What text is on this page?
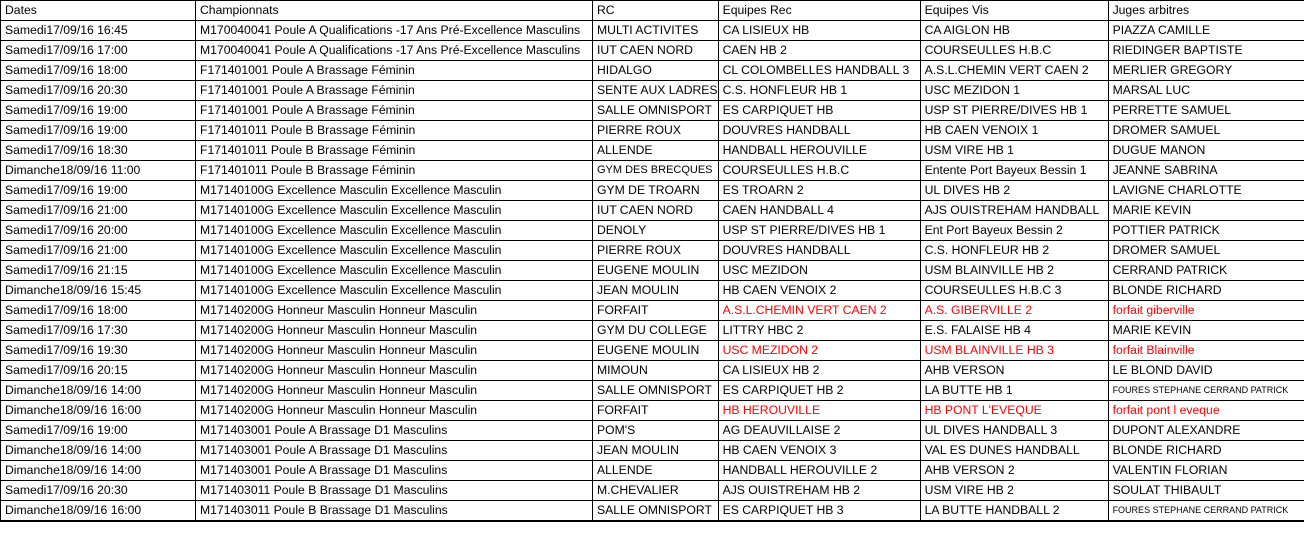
Dates	Championnats	RC	Equipes Rec	Equipes Vis	Juges arbitres
Samedi17/09/16 16:45	M170040041 Poule A Qualifications -17 Ans Pré-Excellence Masculins	MULTI ACTIVITES	CA LISIEUX HB	CA AIGLON HB	PIAZZA CAMILLE
Samedi17/09/16 17:00	M170040041 Poule A Qualifications -17 Ans Pré-Excellence Masculins	IUT CAEN NORD	CAEN HB 2	COURSEULLES H.B.C	RIEDINGER BAPTISTE
Samedi17/09/16 18:00	F171401001 Poule A Brassage Féminin	HIDALGO	CL COLOMBELLES HANDBALL 3	A.S.L.CHEMIN VERT CAEN 2	MERLIER GREGORY
Samedi17/09/16 20:30	F171401001 Poule A Brassage Féminin	SENTE AUX LADRES	C.S. HONFLEUR HB 1	USC MEZIDON 1	MARSAL LUC
Samedi17/09/16 19:00	F171401001 Poule A Brassage Féminin	SALLE OMNISPORT	ES CARPIQUET HB	USP ST PIERRE/DIVES HB 1	PERRETTE SAMUEL
Samedi17/09/16 19:00	F171401011 Poule B Brassage Féminin	PIERRE ROUX	DOUVRES HANDBALL	HB CAEN VENOIX 1	DROMER SAMUEL
Samedi17/09/16 18:30	F171401011 Poule B Brassage Féminin	ALLENDE	HANDBALL HEROUVILLE	USM VIRE HB 1	DUGUE MANON
Dimanche18/09/16 11:00	F171401011 Poule B Brassage Féminin	GYM DES BRECQUES	COURSEULLES H.B.C	Entente Port Bayeux Bessin 1	JEANNE SABRINA
Samedi17/09/16 19:00	M17140100G Excellence Masculin Excellence Masculin	GYM DE TROARN	ES TROARN 2	UL DIVES HB 2	LAVIGNE CHARLOTTE
Samedi17/09/16 21:00	M17140100G Excellence Masculin Excellence Masculin	IUT CAEN NORD	CAEN HANDBALL 4	AJS OUISTREHAM HANDBALL	MARIE KEVIN
Samedi17/09/16 20:00	M17140100G Excellence Masculin Excellence Masculin	DENOLY	USP ST PIERRE/DIVES HB 1	Ent Port Bayeux Bessin 2	POTTIER PATRICK
Samedi17/09/16 21:00	M17140100G Excellence Masculin Excellence Masculin	PIERRE ROUX	DOUVRES HANDBALL	C.S. HONFLEUR HB 2	DROMER SAMUEL
Samedi17/09/16 21:15	M17140100G Excellence Masculin Excellence Masculin	EUGENE MOULIN	USC MEZIDON	USM BLAINVILLE HB 2	CERRAND PATRICK
Dimanche18/09/16 15:45	M17140100G Excellence Masculin Excellence Masculin	JEAN MOULIN	HB CAEN VENOIX 2	COURSEULLES H.B.C 3	BLONDE RICHARD
Samedi17/09/16 18:00	M17140200G Honneur Masculin Honneur Masculin	FORFAIT	A.S.L.CHEMIN VERT CAEN 2	A.S. GIBERVILLE 2	forfait giberville
Samedi17/09/16 17:30	M17140200G Honneur Masculin Honneur Masculin	GYM DU COLLEGE	LITTRY HBC 2	E.S. FALAISE HB 4	MARIE KEVIN
Samedi17/09/16 19:30	M17140200G Honneur Masculin Honneur Masculin	EUGENE MOULIN	USC MEZIDON 2	USM BLAINVILLE HB 3	forfait Blainville
Samedi17/09/16 20:15	M17140200G Honneur Masculin Honneur Masculin	MIMOUN	CA LISIEUX HB 2	AHB VERSON	LE BLOND DAVID
Dimanche18/09/16 14:00	M17140200G Honneur Masculin Honneur Masculin	SALLE OMNISPORT	ES CARPIQUET HB 2	LA BUTTE HB 1	FOURES STEPHANE CERRAND PATRICK
Dimanche18/09/16 16:00	M17140200G Honneur Masculin Honneur Masculin	FORFAIT	HB HEROUVILLE	HB PONT L'EVEQUE	forfait pont l eveque
Samedi17/09/16 19:00	M171403001 Poule A Brassage D1 Masculins	POM'S	AG DEAUVILLAISE 2	UL DIVES HANDBALL 3	DUPONT ALEXANDRE
Dimanche18/09/16 14:00	M171403001 Poule A Brassage D1 Masculins	JEAN MOULIN	HB CAEN VENOIX 3	VAL ES DUNES HANDBALL	BLONDE RICHARD
Dimanche18/09/16 14:00	M171403001 Poule A Brassage D1 Masculins	ALLENDE	HANDBALL HEROUVILLE 2	AHB VERSON 2	VALENTIN FLORIAN
Samedi17/09/16 20:30	M171403011 Poule B Brassage D1 Masculins	M.CHEVALIER	AJS OUISTREHAM HB 2	USM VIRE HB 2	SOULAT THIBAULT
Dimanche18/09/16 16:00	M171403011 Poule B Brassage D1 Masculins	SALLE OMNISPORT	ES CARPIQUET HB 3	LA BUTTE HANDBALL 2	FOURES STEPHANE CERRAND PATRICK
